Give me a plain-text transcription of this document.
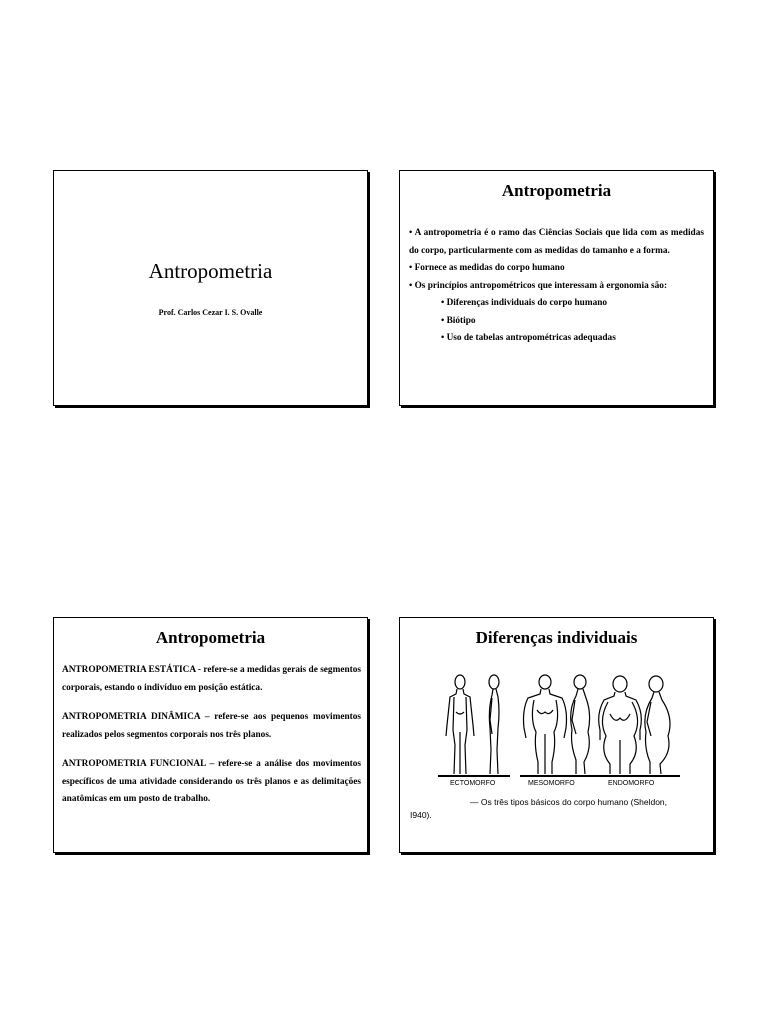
Antropometria
Prof. Carlos Cezar I. S. Ovalle
Antropometria

• A antropometria é o ramo das Ciências Sociais que lida com as medidas do corpo, particularmente com as medidas do tamanho e a forma.

• Fornece as medidas do corpo humano

• Os princípios antropométricos que interessam à ergonomia são:

• Diferenças individuais do corpo humano

• Biótipo

• Uso de tabelas antropométricas adequadas

Antropometria

ANTROPOMETRIA ESTÁTICA - refere-se a medidas gerais de segmentos corporais, estando o indivíduo em posição estática.

ANTROPOMETRIA DINÂMICA – refere-se aos pequenos movimentos realizados pelos segmentos corporais nos três planos.

ANTROPOMETRIA FUNCIONAL – refere-se a análise dos movimentos específicos de uma atividade considerando os três planos e as delimitações anatômicas em um posto de trabalho.

Diferenças individuais
ECTOMORFO	MESOMORFO	ENDOMORFO
— Os três tipos básicos do corpo humano (Sheldon, I940).
